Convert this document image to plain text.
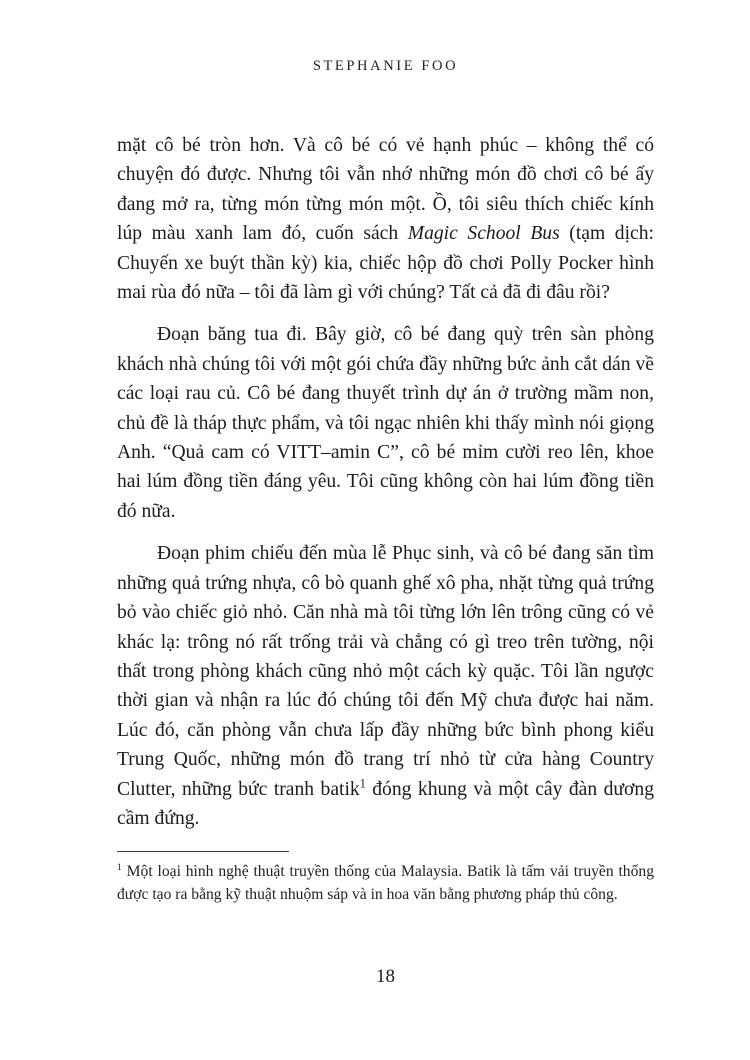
STEPHANIE FOO

mặt cô bé tròn hơn. Và cô bé có vẻ hạnh phúc – không thể có chuyện đó được. Nhưng tôi vẫn nhớ những món đồ chơi cô bé ấy đang mở ra, từng món từng món một. Ồ, tôi siêu thích chiếc kính lúp màu xanh lam đó, cuốn sách Magic School Bus (tạm dịch: Chuyến xe buýt thần kỳ) kia, chiếc hộp đồ chơi Polly Pocker hình mai rùa đó nữa – tôi đã làm gì với chúng? Tất cả đã đi đâu rồi?

Đoạn băng tua đi. Bây giờ, cô bé đang quỳ trên sàn phòng khách nhà chúng tôi với một gói chứa đầy những bức ảnh cắt dán về các loại rau củ. Cô bé đang thuyết trình dự án ở trường mầm non, chủ đề là tháp thực phẩm, và tôi ngạc nhiên khi thấy mình nói giọng Anh. “Quả cam có VITT–amin C”, cô bé mỉm cười reo lên, khoe hai lúm đồng tiền đáng yêu. Tôi cũng không còn hai lúm đồng tiền đó nữa.

Đoạn phim chiếu đến mùa lễ Phục sinh, và cô bé đang săn tìm những quả trứng nhựa, cô bò quanh ghế xô pha, nhặt từng quả trứng bỏ vào chiếc giỏ nhỏ. Căn nhà mà tôi từng lớn lên trông cũng có vẻ khác lạ: trông nó rất trống trải và chẳng có gì treo trên tường, nội thất trong phòng khách cũng nhỏ một cách kỳ quặc. Tôi lần ngược thời gian và nhận ra lúc đó chúng tôi đến Mỹ chưa được hai năm. Lúc đó, căn phòng vẫn chưa lấp đầy những bức bình phong kiểu Trung Quốc, những món đồ trang trí nhỏ từ cửa hàng Country Clutter, những bức tranh batik$^1$ đóng khung và một cây đàn dương cầm đứng.

$^1$ Một loại hình nghệ thuật truyền thống của Malaysia. Batik là tấm vải truyền thống được tạo ra bằng kỹ thuật nhuộm sáp và in hoa văn bằng phương pháp thủ công.
18
